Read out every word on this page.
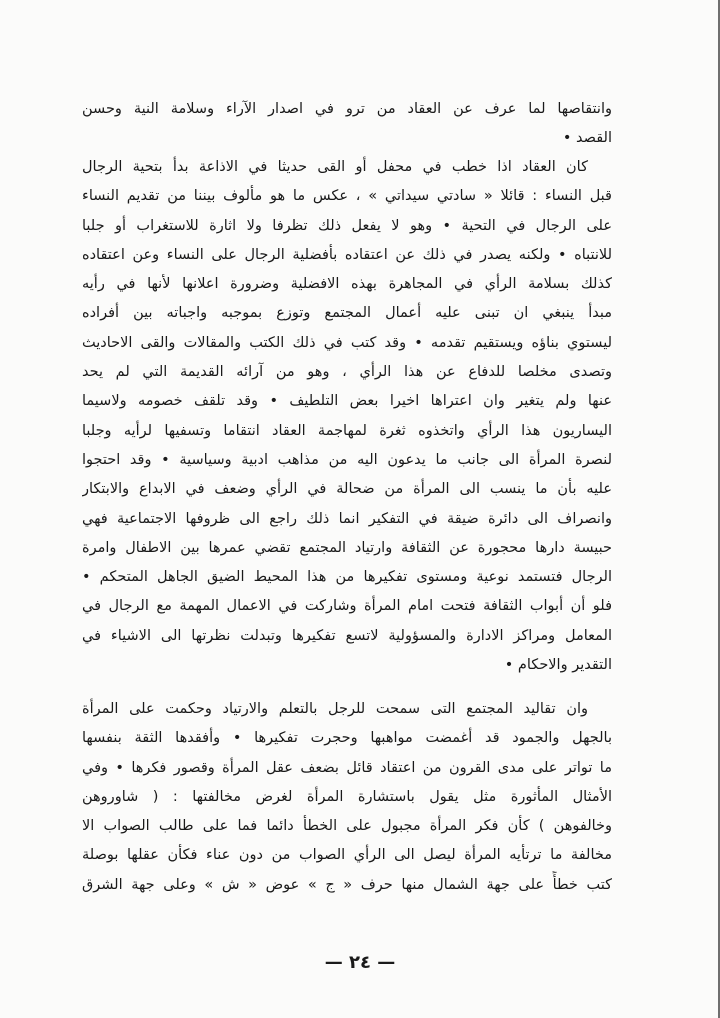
وانتقاصها لما عرف عن العقاد من ترو في اصدار الآراء وسلامة النية وحسن
القصد •
كان العقاد اذا خطب في محفل أو القى حديثا في الاذاعة بدأ بتحية الرجال
قبل النساء : قائلا « سادتي سيداتي » ، عكس ما هو مألوف بيننا من تقديم النساء
على الرجال في التحية • وهو لا يفعل ذلك تظرفا ولا اثارة للاستغراب أو جلبا
للانتباه • ولكنه يصدر في ذلك عن اعتقاده بأفضلية الرجال على النساء وعن اعتقاده
كذلك بسلامة الرأي في المجاهرة بهذه الافضلية وضرورة اعلانها لأنها في رأيه
مبدأ ينبغي ان تبنى عليه أعمال المجتمع وتوزع بموجبه واجباته بين أفراده
ليستوي بناؤه ويستقيم تقدمه • وقد كتب في ذلك الكتب والمقالات والقى الاحاديث
وتصدى مخلصا للدفاع عن هذا الرأي ، وهو من آرائه القديمة التي لم يحد
عنها ولم يتغير وان اعتراها اخيرا بعض التلطيف • وقد تلقف خصومه ولاسيما
اليساريون هذا الرأي واتخذوه ثغرة لمهاجمة العقاد انتقاما وتسفيها لرأيه وجلبا
لنصرة المرأة الى جانب ما يدعون اليه من مذاهب ادبية وسياسية • وقد احتجوا
عليه بأن ما ينسب الى المرأة من ضحالة في الرأي وضعف في الابداع والابتكار
وانصراف الى دائرة ضيقة في التفكير انما ذلك راجع الى ظروفها الاجتماعية فهي
حبيسة دارها محجورة عن الثقافة وارتياد المجتمع تقضي عمرها بين الاطفال وامرة
الرجال فتستمد نوعية ومستوى تفكيرها من هذا المحيط الضيق الجاهل المتحكم •
فلو أن أبواب الثقافة فتحت امام المرأة وشاركت في الاعمال المهمة مع الرجال في
المعامل ومراكز الادارة والمسؤولية لاتسع تفكيرها وتبدلت نظرتها الى الاشياء في
التقدير والاحكام •
وان تقاليد المجتمع التى سمحت للرجل بالتعلم والارتياد وحكمت على المرأة
بالجهل والجمود قد أغمضت مواهبها وحجرت تفكيرها • وأفقدها الثقة بنفسها
ما تواتر على مدى القرون من اعتقاد قائل بضعف عقل المرأة وقصور فكرها • وفي
الأمثال المأثورة مثل يقول باستشارة المرأة لغرض مخالفتها : ( شاوروهن
وخالفوهن ) كأن فكر المرأة مجبول على الخطأ دائما فما على طالب الصواب الا
مخالفة ما ترتأيه المرأة ليصل الى الرأي الصواب من دون عناء فكأن عقلها بوصلة
كتب خطأً على جهة الشمال منها حرف « ج » عوض « ش » وعلى جهة الشرق
— ٢٤ —
